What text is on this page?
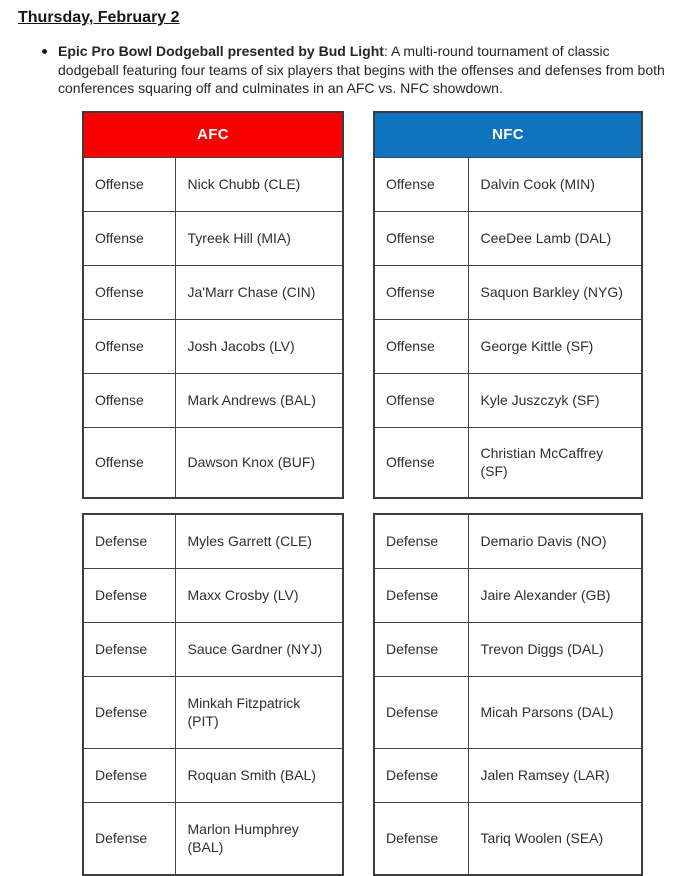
Thursday, February 2
Epic Pro Bowl Dodgeball presented by Bud Light: A multi-round tournament of classic dodgeball featuring four teams of six players that begins with the offenses and defenses from both conferences squaring off and culminates in an AFC vs. NFC showdown.
AFC	
Offense	Nick Chubb (CLE)
Offense	Tyreek Hill (MIA)
Offense	Ja'Marr Chase (CIN)
Offense	Josh Jacobs (LV)
Offense	Mark Andrews (BAL)
Offense	Dawson Knox (BUF)
NFC	
Offense	Dalvin Cook (MIN)
Offense	CeeDee Lamb (DAL)
Offense	Saquon Barkley (NYG)
Offense	George Kittle (SF)
Offense	Kyle Juszczyk (SF)
Offense	Christian McCaffrey (SF)
Defense	Myles Garrett (CLE)
Defense	Maxx Crosby (LV)
Defense	Sauce Gardner (NYJ)
Defense	Minkah Fitzpatrick (PIT)
Defense	Roquan Smith (BAL)
Defense	Marlon Humphrey (BAL)
Defense	Demario Davis (NO)
Defense	Jaire Alexander (GB)
Defense	Trevon Diggs (DAL)
Defense	Micah Parsons (DAL)
Defense	Jalen Ramsey (LAR)
Defense	Tariq Woolen (SEA)
